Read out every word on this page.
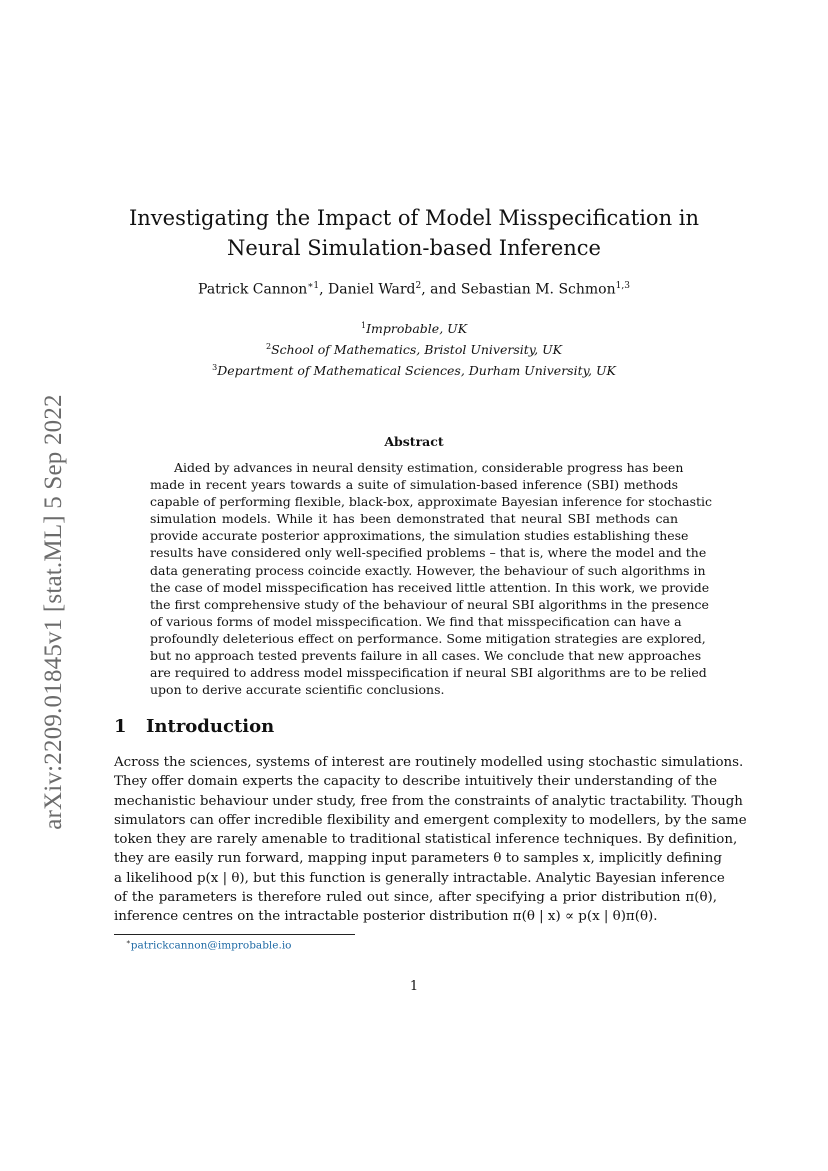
arXiv:2209.01845v1 [stat.ML] 5 Sep 2022
Investigating the Impact of Model Misspecification in
Neural Simulation-based Inference
Patrick Cannon$^{∗1}$, Daniel Ward$^2$, and Sebastian M. Schmon$^{1,3}$
$^1$Improbable, UK
$^2$School of Mathematics, Bristol University, UK
$^3$Department of Mathematical Sciences, Durham University, UK
Abstract
Aided by advances in neural density estimation, considerable progress has been
made in recent years towards a suite of simulation-based inference (SBI) methods
capable of performing flexible, black-box, approximate Bayesian inference for stochastic
simulation models. While it has been demonstrated that neural SBI methods can
provide accurate posterior approximations, the simulation studies establishing these
results have considered only well-specified problems – that is, where the model and the
data generating process coincide exactly. However, the behaviour of such algorithms in
the case of model misspecification has received little attention. In this work, we provide
the first comprehensive study of the behaviour of neural SBI algorithms in the presence
of various forms of model misspecification. We find that misspecification can have a
profoundly deleterious effect on performance. Some mitigation strategies are explored,
but no approach tested prevents failure in all cases. We conclude that new approaches
are required to address model misspecification if neural SBI algorithms are to be relied
upon to derive accurate scientific conclusions.
1 Introduction
Across the sciences, systems of interest are routinely modelled using stochastic simulations.
They offer domain experts the capacity to describe intuitively their understanding of the
mechanistic behaviour under study, free from the constraints of analytic tractability. Though
simulators can offer incredible flexibility and emergent complexity to modellers, by the same
token they are rarely amenable to traditional statistical inference techniques. By definition,
they are easily run forward, mapping input parameters θ to samples x, implicitly defining
a likelihood p(x | θ), but this function is generally intractable. Analytic Bayesian inference
of the parameters is therefore ruled out since, after specifying a prior distribution π(θ),
inference centres on the intractable posterior distribution π(θ | x) ∝ p(x | θ)π(θ).
∗patrickcannon@improbable.io
1
